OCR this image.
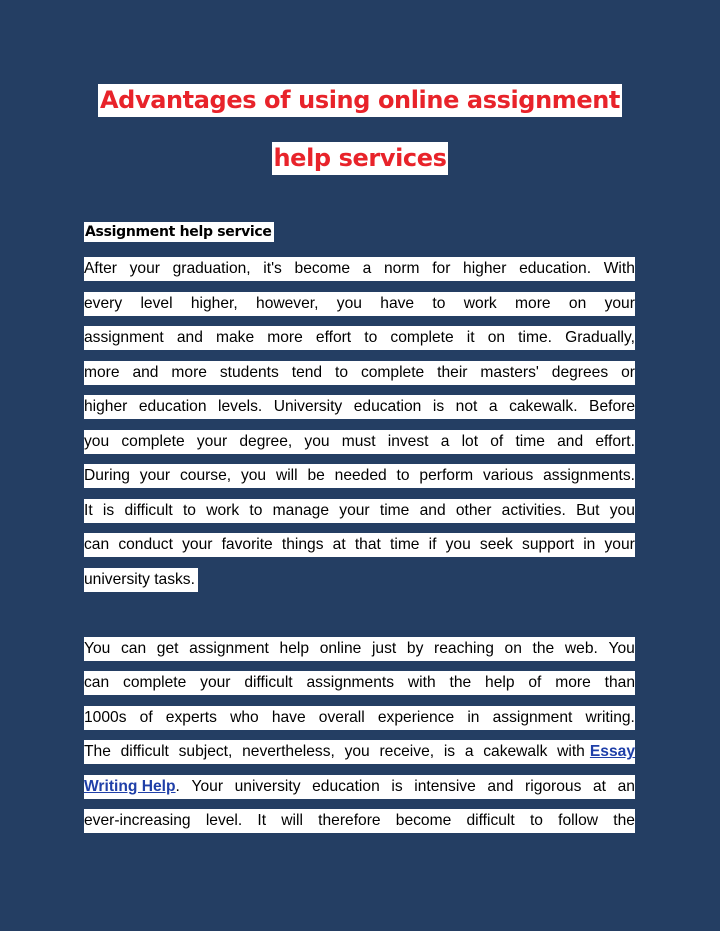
Advantages of using online assignment
help services
Assignment help service
After your graduation, it's become a norm for higher education. With
every level higher, however, you have to work more on your
assignment and make more effort to complete it on time. Gradually,
more and more students tend to complete their masters' degrees or
higher education levels. University education is not a cakewalk. Before
you complete your degree, you must invest a lot of time and effort.
During your course, you will be needed to perform various assignments.
It is difficult to work to manage your time and other activities. But you
can conduct your favorite things at that time if you seek support in your
university tasks.
You can get assignment help online just by reaching on the web. You
can complete your difficult assignments with the help of more than
1000s of experts who have overall experience in assignment writing.
The difficult subject, nevertheless, you receive, is a cakewalk with Essay
Writing Help . Your university education is intensive and rigorous at an
ever-increasing level. It will therefore become difficult to follow the
